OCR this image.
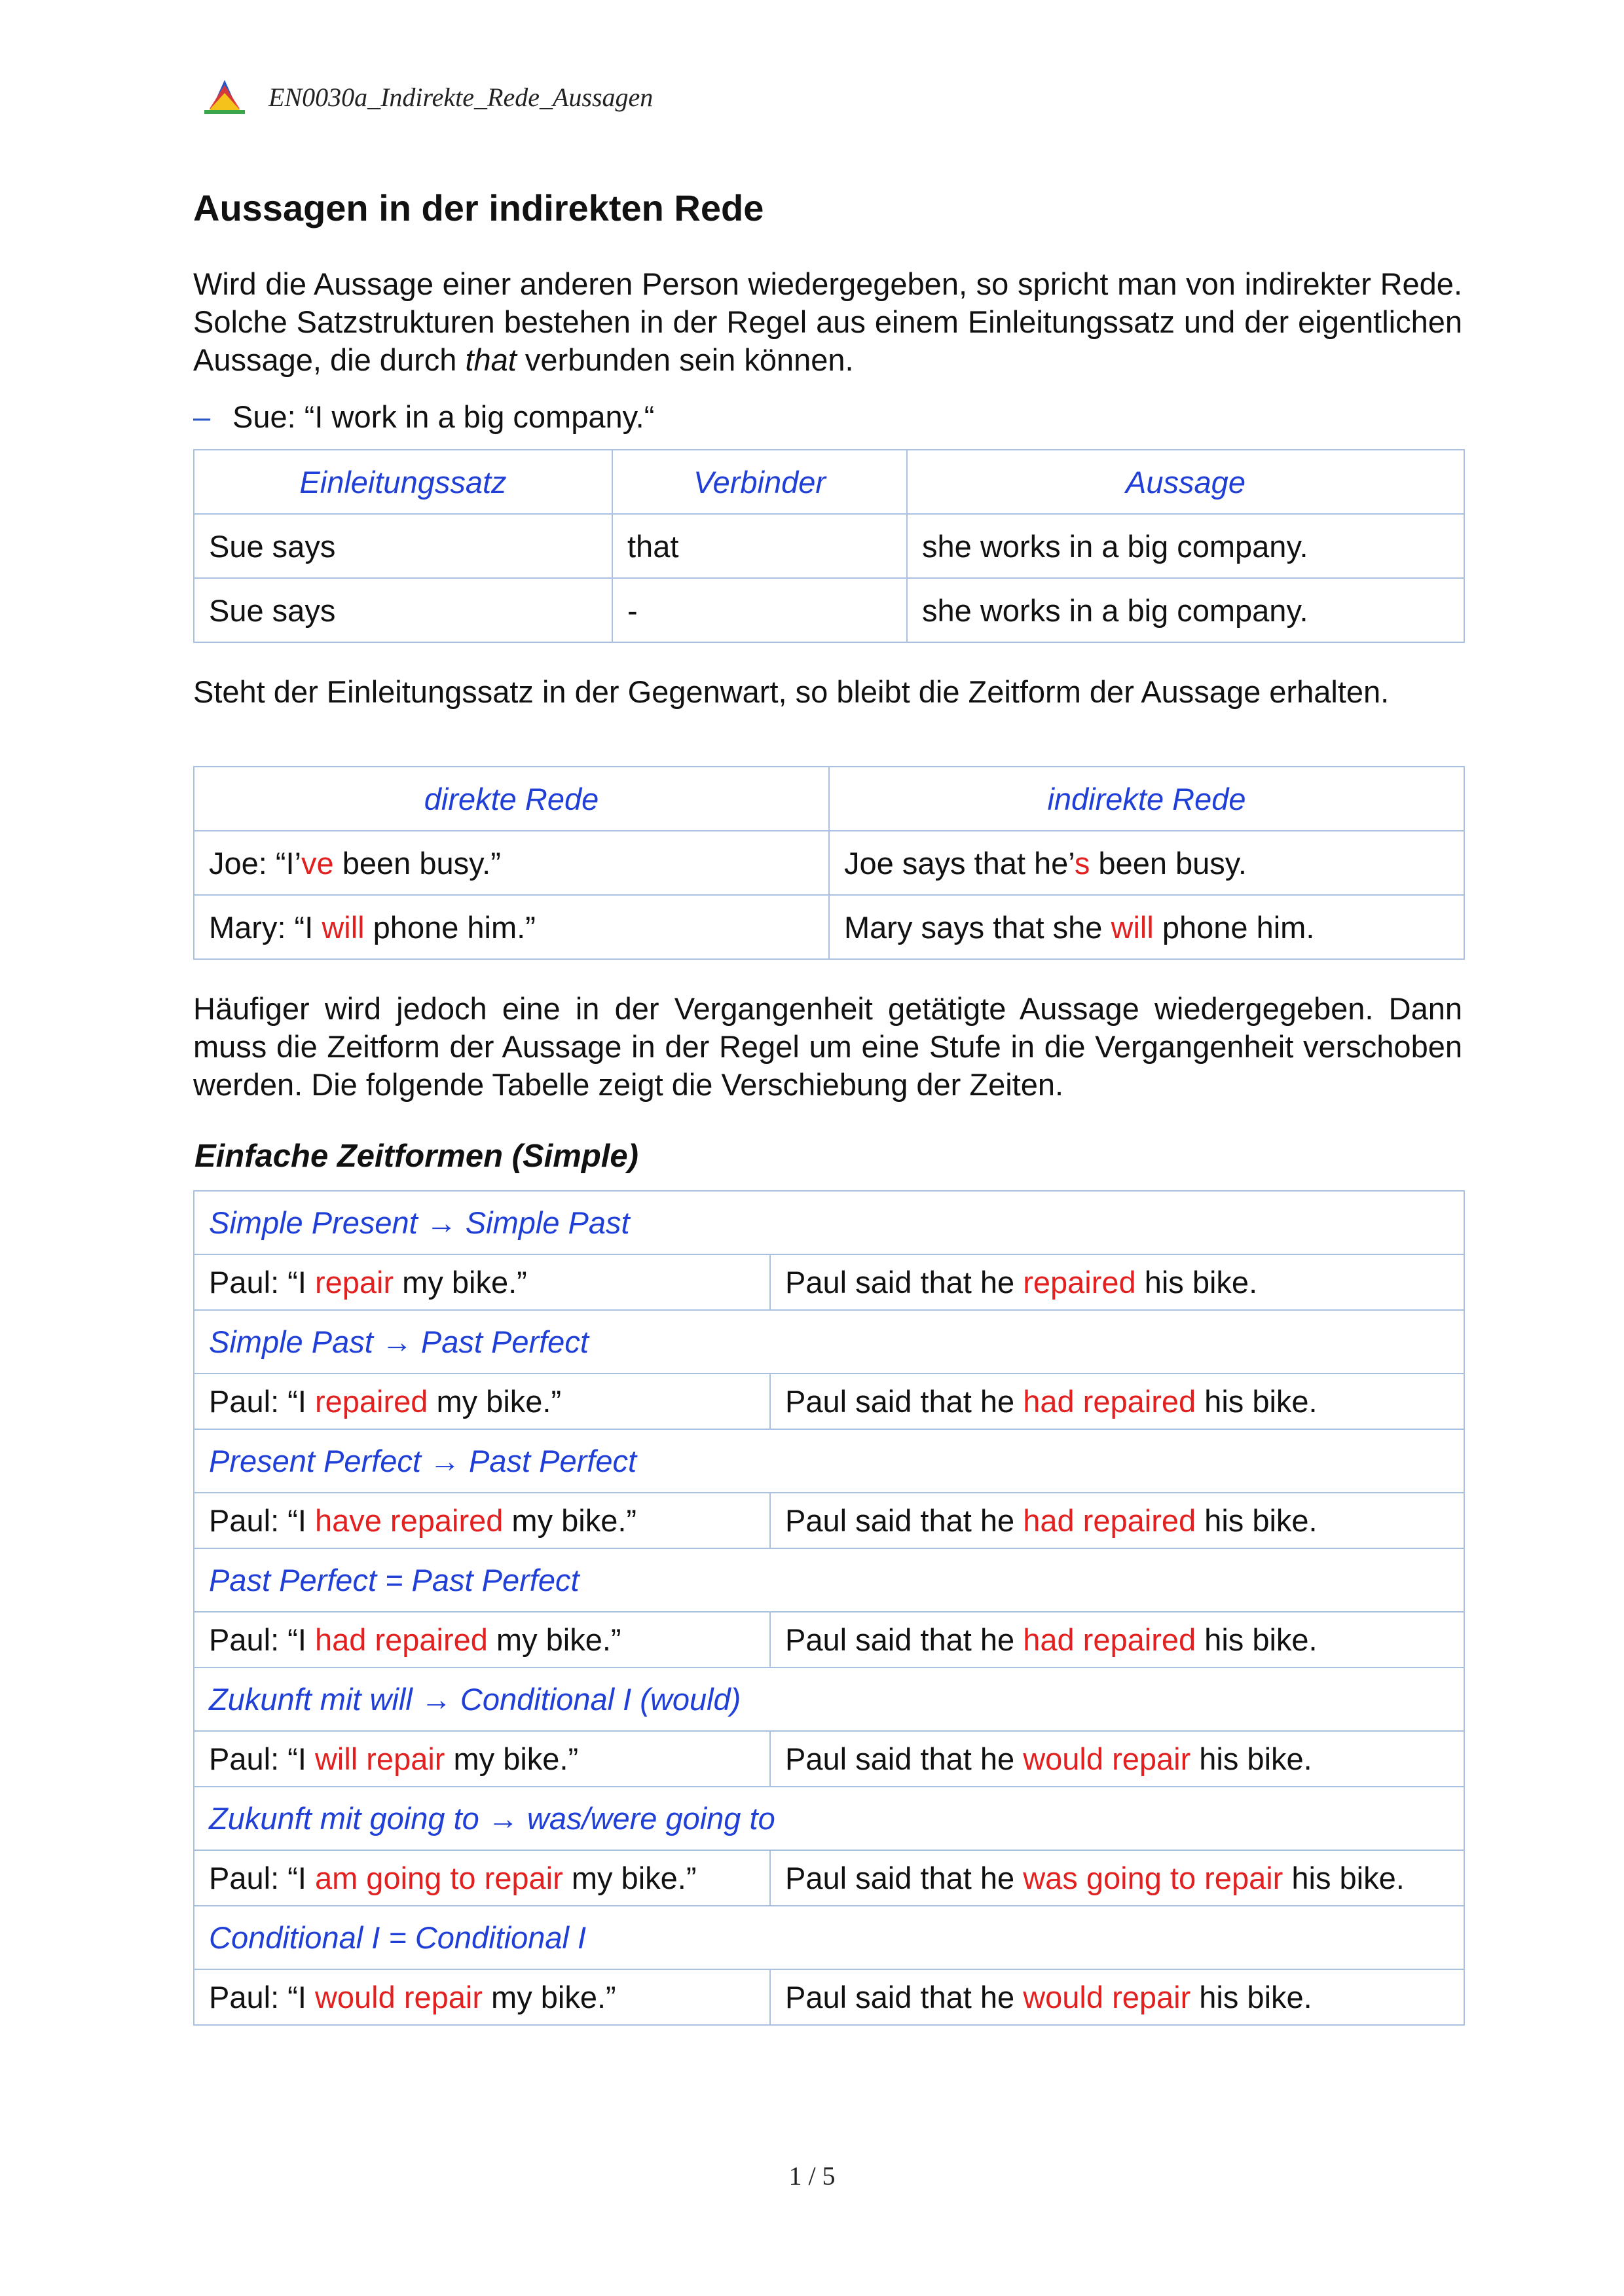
EN0030a_Indirekte_Rede_Aussagen
Aussagen in der indirekten Rede
Wird die Aussage einer anderen Person wiedergegeben, so spricht man von indirekter Rede. Solche Satzstrukturen bestehen in der Regel aus einem Einleitungssatz und der eigentlichen Aussage, die durch that verbunden sein können.
– Sue: “I work in a big company.“
Einleitungssatz	Verbinder	Aussage
Sue says	that	she works in a big company.
Sue says	-	she works in a big company.
Steht der Einleitungssatz in der Gegenwart, so bleibt die Zeitform der Aussage erhalten.
direkte Rede	indirekte Rede
Joe: “I’ve been busy.”	Joe says that he’s been busy.
Mary: “I will phone him.”	Mary says that she will phone him.
Häufiger wird jedoch eine in der Vergangenheit getätigte Aussage wiedergegeben. Dann muss die Zeitform der Aussage in der Regel um eine Stufe in die Vergangenheit verschoben werden. Die folgende Tabelle zeigt die Verschiebung der Zeiten.
Einfache Zeitformen (Simple)
Simple Present → Simple Past	
Paul: “I repair my bike.”	Paul said that he repaired his bike.
Simple Past → Past Perfect	
Paul: “I repaired my bike.”	Paul said that he had repaired his bike.
Present Perfect → Past Perfect	
Paul: “I have repaired my bike.”	Paul said that he had repaired his bike.
Past Perfect = Past Perfect	
Paul: “I had repaired my bike.”	Paul said that he had repaired his bike.
Zukunft mit will → Conditional I (would)	
Paul: “I will repair my bike.”	Paul said that he would repair his bike.
Zukunft mit going to → was/were going to	
Paul: “I am going to repair my bike.”	Paul said that he was going to repair his bike.
Conditional I = Conditional I	
Paul: “I would repair my bike.”	Paul said that he would repair his bike.
1 / 5
